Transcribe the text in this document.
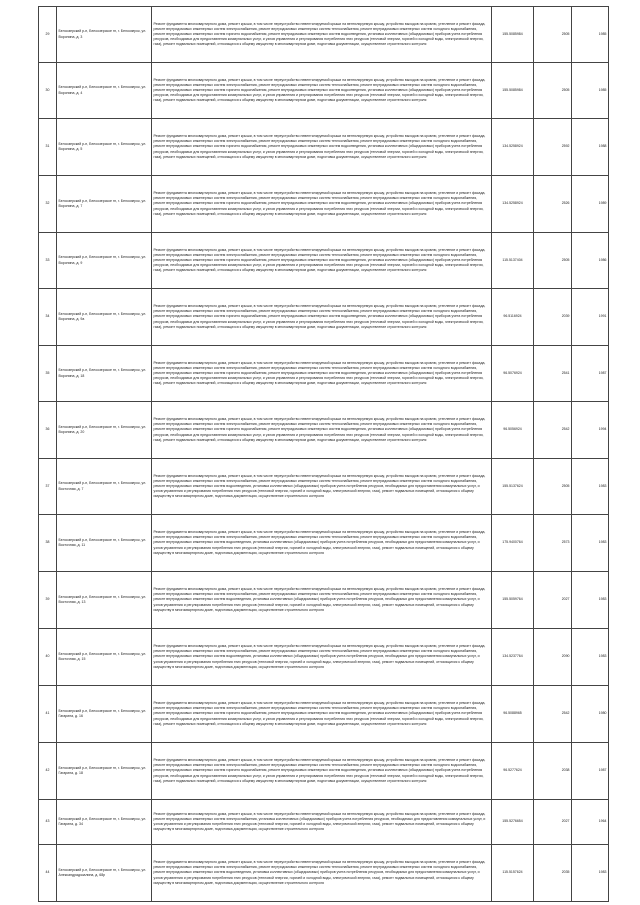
29	Белоозерский р-н, Белоозерское гп, г. Белоозерск, ул. Воронина, д. 3	Ремонт фундамента многоквартирного дома, ремонт крыши, в том числе переустройство невентилируемой крыши на вентилируемую крышу, устройство выходов на кровлю, утепление и ремонт фасада, ремонт внутридомовых инженерных систем электроснабжения, ремонт внутридомовых инженерных систем теплоснабжения, ремонт внутридомовых инженерных систем холодного водоснабжения, ремонт внутридомовых инженерных систем горячего водоснабжения, ремонт внутридомовых инженерных систем водоотведения, установка коллективных (общедомовых) приборов учета потребления ресурсов, необходимых для предоставления коммунальных услуг, и узлов управления и регулирования потребления этих ресурсов (тепловой энергии, горячей и холодной воды, электрической энергии, газа), ремонт подвальных помещений, относящихся к общему имуществу в многоквартирном доме, подготовка документации, осуществление строительного контроля	155.5085984	2505	1985
30	Белоозерский р-н, Белоозерское гп, г. Белоозерск, ул. Воронина, д. 4	Ремонт фундамента многоквартирного дома, ремонт крыши, в том числе переустройство невентилируемой крыши на вентилируемую крышу, устройство выходов на кровлю, утепление и ремонт фасада, ремонт внутридомовых инженерных систем электроснабжения, ремонт внутридомовых инженерных систем теплоснабжения, ремонт внутридомовых инженерных систем холодного водоснабжения, ремонт внутридомовых инженерных систем горячего водоснабжения, ремонт внутридомовых инженерных систем водоотведения, установка коллективных (общедомовых) приборов учета потребления ресурсов, необходимых для предоставления коммунальных услуг, и узлов управления и регулирования потребления этих ресурсов (тепловой энергии, горячей и холодной воды, электрической энергии, газа), ремонт подвальных помещений, относящихся к общему имуществу в многоквартирном доме, подготовка документации, осуществление строительного контроля	155.5085984	2505	1985
31	Белоозерский р-н, Белоозерское гп, г. Белоозерск, ул. Воронина, д. 5	Ремонт фундамента многоквартирного дома, ремонт крыши, в том числе переустройство невентилируемой крыши на вентилируемую крышу, устройство выходов на кровлю, утепление и ремонт фасада, ремонт внутридомовых инженерных систем электроснабжения, ремонт внутридомовых инженерных систем теплоснабжения, ремонт внутридомовых инженерных систем холодного водоснабжения, ремонт внутридомовых инженерных систем горячего водоснабжения, ремонт внутридомовых инженерных систем водоотведения, установка коллективных (общедомовых) приборов учета потребления ресурсов, необходимых для предоставления коммунальных услуг, и узлов управления и регулирования потребления этих ресурсов (тепловой энергии, горячей и холодной воды, электрической энергии, газа), ремонт подвальных помещений, относящихся к общему имуществу в многоквартирном доме, подготовка документации, осуществление строительного контроля	134.5258924	2592	1988
32	Белоозерский р-н, Белоозерское гп, г. Белоозерск, ул. Воронина, д. 7	Ремонт фундамента многоквартирного дома, ремонт крыши, в том числе переустройство невентилируемой крыши на вентилируемую крышу, устройство выходов на кровлю, утепление и ремонт фасада, ремонт внутридомовых инженерных систем электроснабжения, ремонт внутридомовых инженерных систем теплоснабжения, ремонт внутридомовых инженерных систем холодного водоснабжения, ремонт внутридомовых инженерных систем горячего водоснабжения, ремонт внутридомовых инженерных систем водоотведения, установка коллективных (общедомовых) приборов учета потребления ресурсов, необходимых для предоставления коммунальных услуг, и узлов управления и регулирования потребления этих ресурсов (тепловой энергии, горячей и холодной воды, электрической энергии, газа), ремонт подвальных помещений, относящихся к общему имуществу в многоквартирном доме, подготовка документации, осуществление строительного контроля	134.5258924	2526	1989
33	Белоозерский р-н, Белоозерское гп, г. Белоозерск, ул. Воронина, д. 9	Ремонт фундамента многоквартирного дома, ремонт крыши, в том числе переустройство невентилируемой крыши на вентилируемую крышу, устройство выходов на кровлю, утепление и ремонт фасада, ремонт внутридомовых инженерных систем электроснабжения, ремонт внутридомовых инженерных систем теплоснабжения, ремонт внутридомовых инженерных систем холодного водоснабжения, ремонт внутридомовых инженерных систем горячего водоснабжения, ремонт внутридомовых инженерных систем водоотведения, установка коллективных (общедомовых) приборов учета потребления ресурсов, необходимых для предоставления коммунальных услуг, и узлов управления и регулирования потребления этих ресурсов (тепловой энергии, горячей и холодной воды, электрической энергии, газа), ремонт подвальных помещений, относящихся к общему имуществу в многоквартирном доме, подготовка документации, осуществление строительного контроля	115.5137404	2505	1986
34	Белоозерский р-н, Белоозерское гп, г. Белоозерск, ул. Воронина, д. 9а	Ремонт фундамента многоквартирного дома, ремонт крыши, в том числе переустройство невентилируемой крыши на вентилируемую крышу, устройство выходов на кровлю, утепление и ремонт фасада, ремонт внутридомовых инженерных систем электроснабжения, ремонт внутридомовых инженерных систем теплоснабжения, ремонт внутридомовых инженерных систем холодного водоснабжения, ремонт внутридомовых инженерных систем горячего водоснабжения, ремонт внутридомовых инженерных систем водоотведения, установка коллективных (общедомовых) приборов учета потребления ресурсов, необходимых для предоставления коммунальных услуг, и узлов управления и регулирования потребления этих ресурсов (тепловой энергии, горячей и холодной воды, электрической энергии, газа), ремонт подвальных помещений, относящихся к общему имуществу в многоквартирном доме, подготовка документации, осуществление строительного контроля	96.5116924	2039	1991
35	Белоозерский р-н, Белоозерское гп, г. Белоозерск, ул. Воронина, д. 18	Ремонт фундамента многоквартирного дома, ремонт крыши, в том числе переустройство невентилируемой крыши на вентилируемую крышу, устройство выходов на кровлю, утепление и ремонт фасада, ремонт внутридомовых инженерных систем электроснабжения, ремонт внутридомовых инженерных систем теплоснабжения, ремонт внутридомовых инженерных систем холодного водоснабжения, ремонт внутридомовых инженерных систем горячего водоснабжения, ремонт внутридомовых инженерных систем водоотведения, установка коллективных (общедомовых) приборов учета потребления ресурсов, необходимых для предоставления коммунальных услуг, и узлов управления и регулирования потребления этих ресурсов (тепловой энергии, горячей и холодной воды, электрической энергии, газа), ремонт подвальных помещений, относящихся к общему имуществу в многоквартирном доме, подготовка документации, осуществление строительного контроля	96.5076924	2541	1987
36	Белоозерский р-н, Белоозерское гп, г. Белоозерск, ул. Воронина, д. 20	Ремонт фундамента многоквартирного дома, ремонт крыши, в том числе переустройство невентилируемой крыши на вентилируемую крышу, устройство выходов на кровлю, утепление и ремонт фасада, ремонт внутридомовых инженерных систем электроснабжения, ремонт внутридомовых инженерных систем теплоснабжения, ремонт внутридомовых инженерных систем холодного водоснабжения, ремонт внутридомовых инженерных систем горячего водоснабжения, ремонт внутридомовых инженерных систем водоотведения, установка коллективных (общедомовых) приборов учета потребления ресурсов, необходимых для предоставления коммунальных услуг, и узлов управления и регулирования потребления этих ресурсов (тепловой энергии, горячей и холодной воды, электрической энергии, газа), ремонт подвальных помещений, относящихся к общему имуществу в многоквартирном доме, подготовка документации, осуществление строительного контроля	96.5056924	2542	1994
37	Белоозерский р-н, Белоозерское гп, г. Белоозерск, ул. Восточная, д. 7	Ремонт фундамента многоквартирного дома, ремонт крыши, в том числе переустройство невентилируемой крыши на вентилируемую крышу, устройство выходов на кровлю, утепление и ремонт фасада, ремонт внутридомовых инженерных систем электроснабжения, ремонт внутридомовых инженерных систем теплоснабжения, ремонт внутридомовых инженерных систем холодного водоснабжения, ремонт внутридомовых инженерных систем водоотведения, установка коллективных (общедомовых) приборов учета потребления ресурсов, необходимых для предоставления коммунальных услуг, и узлов управления и регулирования потребления этих ресурсов (тепловой энергии, горячей и холодной воды, электрической энергии, газа), ремонт подвальных помещений, относящихся к общему имуществу в многоквартирном доме, подготовка документации, осуществление строительного контроля	155.5137624	2505	1983
38	Белоозерский р-н, Белоозерское гп, г. Белоозерск, ул. Восточная, д. 11	Ремонт фундамента многоквартирного дома, ремонт крыши, в том числе переустройство невентилируемой крыши на вентилируемую крышу, устройство выходов на кровлю, утепление и ремонт фасада, ремонт внутридомовых инженерных систем электроснабжения, ремонт внутридомовых инженерных систем теплоснабжения, ремонт внутридомовых инженерных систем холодного водоснабжения, ремонт внутридомовых инженерных систем водоотведения, установка коллективных (общедомовых) приборов учета потребления ресурсов, необходимых для предоставления коммунальных услуг, и узлов управления и регулирования потребления этих ресурсов (тепловой энергии, горячей и холодной воды, электрической энергии, газа), ремонт подвальных помещений, относящихся к общему имуществу в многоквартирном доме, подготовка документации, осуществление строительного контроля	175.9400764	2573	1983
39	Белоозерский р-н, Белоозерское гп, г. Белоозерск, ул. Восточная, д. 13	Ремонт фундамента многоквартирного дома, ремонт крыши, в том числе переустройство невентилируемой крыши на вентилируемую крышу, устройство выходов на кровлю, утепление и ремонт фасада, ремонт внутридомовых инженерных систем электроснабжения, ремонт внутридомовых инженерных систем теплоснабжения, ремонт внутридомовых инженерных систем холодного водоснабжения, ремонт внутридомовых инженерных систем водоотведения, установка коллективных (общедомовых) приборов учета потребления ресурсов, необходимых для предоставления коммунальных услуг, и узлов управления и регулирования потребления этих ресурсов (тепловой энергии, горячей и холодной воды, электрической энергии, газа), ремонт подвальных помещений, относящихся к общему имуществу в многоквартирном доме, подготовка документации, осуществление строительного контроля	155.5059764	2027	1983
40	Белоозерский р-н, Белоозерское гп, г. Белоозерск, ул. Восточная, д. 15	Ремонт фундамента многоквартирного дома, ремонт крыши, в том числе переустройство невентилируемой крыши на вентилируемую крышу, устройство выходов на кровлю, утепление и ремонт фасада, ремонт внутридомовых инженерных систем электроснабжения, ремонт внутридомовых инженерных систем теплоснабжения, ремонт внутридомовых инженерных систем холодного водоснабжения, ремонт внутридомовых инженерных систем водоотведения, установка коллективных (общедомовых) приборов учета потребления ресурсов, необходимых для предоставления коммунальных услуг, и узлов управления и регулирования потребления этих ресурсов (тепловой энергии, горячей и холодной воды, электрической энергии, газа), ремонт подвальных помещений, относящихся к общему имуществу в многоквартирном доме, подготовка документации, осуществление строительного контроля	134.5237764	2090	1983
41	Белоозерский р-н, Белоозерское гп, г. Белоозерск, ул. Гагарина, д. 16	Ремонт фундамента многоквартирного дома, ремонт крыши, в том числе переустройство невентилируемой крыши на вентилируемую крышу, устройство выходов на кровлю, утепление и ремонт фасада, ремонт внутридомовых инженерных систем электроснабжения, ремонт внутридомовых инженерных систем теплоснабжения, ремонт внутридомовых инженерных систем холодного водоснабжения, ремонт внутридомовых инженерных систем горячего водоснабжения, ремонт внутридомовых инженерных систем водоотведения, установка коллективных (общедомовых) приборов учета потребления ресурсов, необходимых для предоставления коммунальных услуг, и узлов управления и регулирования потребления этих ресурсов (тепловой энергии, горячей и холодной воды, электрической энергии, газа), ремонт подвальных помещений, относящихся к общему имуществу в многоквартирном доме, подготовка документации, осуществление строительного контроля	96.5088965	2542	1980
42	Белоозерский р-н, Белоозерское гп, г. Белоозерск, ул. Гагарина, д. 18	Ремонт фундамента многоквартирного дома, ремонт крыши, в том числе переустройство невентилируемой крыши на вентилируемую крышу, устройство выходов на кровлю, утепление и ремонт фасада, ремонт внутридомовых инженерных систем электроснабжения, ремонт внутридомовых инженерных систем теплоснабжения, ремонт внутридомовых инженерных систем холодного водоснабжения, ремонт внутридомовых инженерных систем горячего водоснабжения, ремонт внутридомовых инженерных систем водоотведения, установка коллективных (общедомовых) приборов учета потребления ресурсов, необходимых для предоставления коммунальных услуг, и узлов управления и регулирования потребления этих ресурсов (тепловой энергии, горячей и холодной воды, электрической энергии, газа), ремонт подвальных помещений, относящихся к общему имуществу в многоквартирном доме, подготовка документации, осуществление строительного контроля	96.5277624	2038	1987
43	Белоозерский р-н, Белоозерское гп, г. Белоозерск, ул. Гагарина, д. 34	Ремонт фундамента многоквартирного дома, ремонт крыши, в том числе переустройство невентилируемой крыши на вентилируемую крышу, устройство выходов на кровлю, утепление и ремонт фасада, ремонт внутридомовых инженерных систем электроснабжения, установка коллективных (общедомовых) приборов учета потребления ресурсов, необходимых для предоставления коммунальных услуг, и узлов управления и регулирования потребления этих ресурсов (тепловой энергии, горячей и холодной воды, электрической энергии, газа), ремонт подвальных помещений, относящихся к общему имуществу в многоквартирном доме, подготовка документации, осуществление строительного контроля	155.5276654	2027	1964
44	Белоозерский р-н, Белоозерское гп, г. Белоозерск, ул. Александрадзоалина, д. 68р	Ремонт фундамента многоквартирного дома, ремонт крыши, в том числе переустройство невентилируемой крыши на вентилируемую крышу, устройство выходов на кровлю, утепление и ремонт фасада, ремонт внутридомовых инженерных систем электроснабжения, ремонт внутридомовых инженерных систем теплоснабжения, ремонт внутридомовых инженерных систем холодного водоснабжения, ремонт внутридомовых инженерных систем водоотведения, установка коллективных (общедомовых) приборов учета потребления ресурсов, необходимых для предоставления коммунальных услуг, и узлов управления и регулирования потребления этих ресурсов (тепловой энергии, горячей и холодной воды, электрической энергии, газа), ремонт подвальных помещений, относящихся к общему имуществу в многоквартирном доме, подготовка документации, осуществление строительного контроля	115.5157624	2035	1983
